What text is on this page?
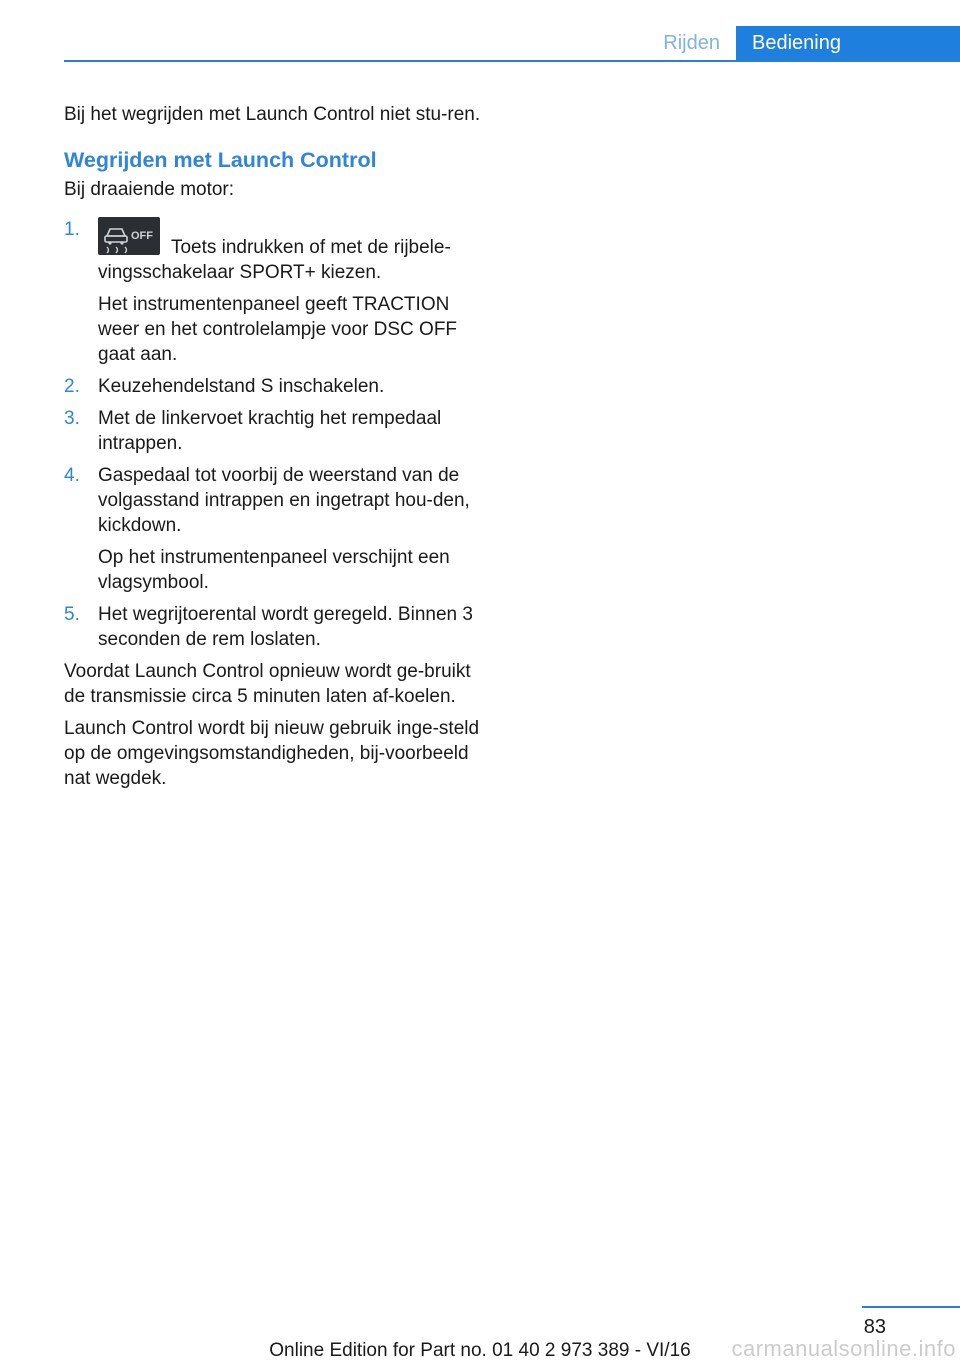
Rijden	Bediening

Bij het wegrijden met Launch Control niet stu-ren.

Wegrijden met Launch Control

Bij draaiende motor:

1.	OFF
Toets indrukken of met de rijbele-vingsschakelaar SPORT+ kiezen.
Het instrumentenpaneel geeft TRACTION weer en het controlelampje voor DSC OFF gaat aan.
2. Keuzehendelstand S inschakelen.
3. Met de linkervoet krachtig het rempedaal intrappen.
4. Gaspedaal tot voorbij de weerstand van de volgasstand intrappen en ingetrapt hou-den, kickdown.
Op het instrumentenpaneel verschijnt een vlagsymbool.
5. Het wegrijtoerental wordt geregeld. Binnen 3 seconden de rem loslaten.

Voordat Launch Control opnieuw wordt ge-bruikt de transmissie circa 5 minuten laten af-koelen.

Launch Control wordt bij nieuw gebruik inge-steld op de omgevingsomstandigheden, bij-voorbeeld nat wegdek.

83
Online Edition for Part no. 01 40 2 973 389 - VI/16	carmanualsonline.info
